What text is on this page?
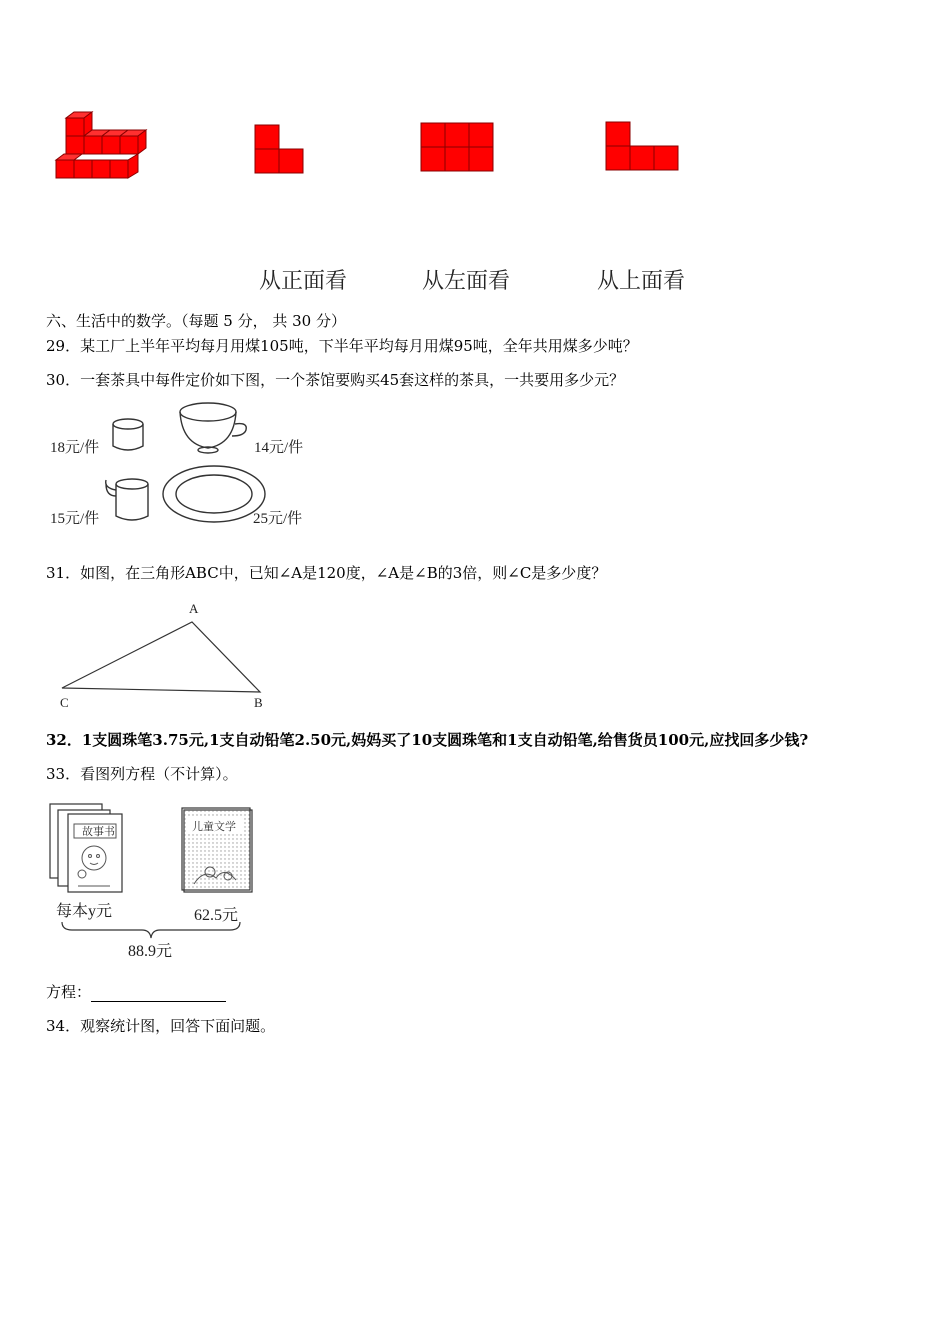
从正面看	从左面看	从上面看
六、生活中的数学。（每题 5 分， 共 30 分）
29．某工厂上半年平均每月用煤105吨，下半年平均每月用煤95吨，全年共用煤多少吨？
30．一套茶具中每件定价如下图，一个茶馆要购买45套这样的茶具，一共要用多少元？
18元/件	14元/件
15元/件	25元/件
31．如图，在三角形ABC中，已知∠A是120度，∠A是∠B的3倍，则∠C是多少度？
A
C	B
32．1支圆珠笔3.75元,1支自动铅笔2.50元,妈妈买了10支圆珠笔和1支自动铅笔,给售货员100元,应找回多少钱?
33．看图列方程（不计算）。
故事书	儿童文学
每本y元	62.5元
88.9元
方程：
34．观察统计图，回答下面问题。
